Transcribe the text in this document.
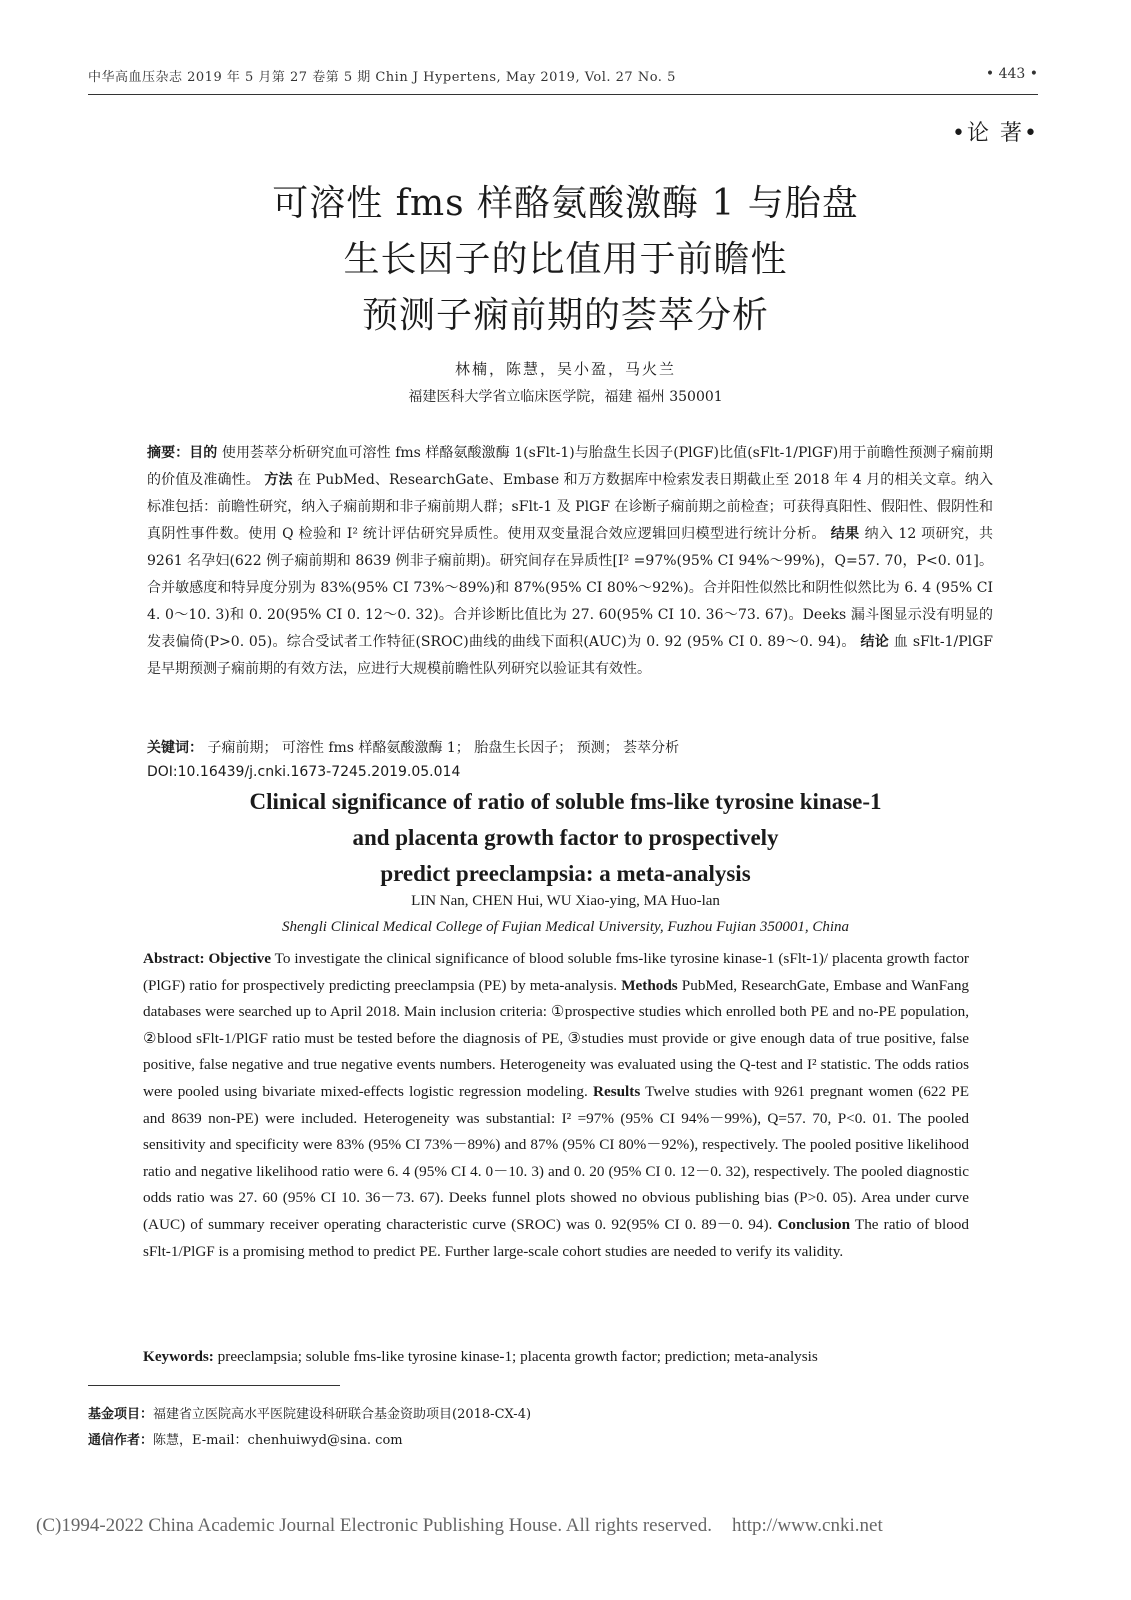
中华高血压杂志 2019 年 5 月第 27 卷第 5 期 Chin J Hypertens, May 2019, Vol. 27 No. 5	• 443 •
•论 著•
可溶性 fms 样酪氨酸激酶 1 与胎盘
生长因子的比值用于前瞻性
预测子痫前期的荟萃分析
林楠，陈慧，吴小盈，马火兰
福建医科大学省立临床医学院，福建 福州 350001
摘要：目的 使用荟萃分析研究血可溶性 fms 样酪氨酸激酶 1(sFlt-1)与胎盘生长因子(PlGF)比值(sFlt-1/PlGF)用于前瞻性预测子痫前期的价值及准确性。 方法 在 PubMed、ResearchGate、Embase 和万方数据库中检索发表日期截止至 2018 年 4 月的相关文章。纳入标准包括：前瞻性研究，纳入子痫前期和非子痫前期人群；sFlt-1 及 PlGF 在诊断子痫前期之前检查；可获得真阳性、假阳性、假阴性和真阴性事件数。使用 Q 检验和 I² 统计评估研究异质性。使用双变量混合效应逻辑回归模型进行统计分析。 结果 纳入 12 项研究，共 9261 名孕妇(622 例子痫前期和 8639 例非子痫前期)。研究间存在异质性[I² =97%(95% CI 94%～99%)，Q=57. 70，P<0. 01]。合并敏感度和特异度分别为 83%(95% CI 73%～89%)和 87%(95% CI 80%～92%)。合并阳性似然比和阴性似然比为 6. 4 (95% CI 4. 0～10. 3)和 0. 20(95% CI 0. 12～0. 32)。合并诊断比值比为 27. 60(95% CI 10. 36～73. 67)。Deeks 漏斗图显示没有明显的发表偏倚(P>0. 05)。综合受试者工作特征(SROC)曲线的曲线下面积(AUC)为 0. 92 (95% CI 0. 89～0. 94)。 结论 血 sFlt-1/PlGF 是早期预测子痫前期的有效方法，应进行大规模前瞻性队列研究以验证其有效性。
关键词： 子痫前期； 可溶性 fms 样酪氨酸激酶 1； 胎盘生长因子； 预测； 荟萃分析
DOI:10.16439/j.cnki.1673-7245.2019.05.014
Clinical significance of ratio of soluble fms-like tyrosine kinase-1
and placenta growth factor to prospectively
predict preeclampsia: a meta-analysis
LIN Nan, CHEN Hui, WU Xiao-ying, MA Huo-lan
Shengli Clinical Medical College of Fujian Medical University, Fuzhou Fujian 350001, China
Abstract: Objective To investigate the clinical significance of blood soluble fms-like tyrosine kinase-1 (sFlt-1)/ placenta growth factor (PlGF) ratio for prospectively predicting preeclampsia (PE) by meta-analysis. Methods PubMed, ResearchGate, Embase and WanFang databases were searched up to April 2018. Main inclusion criteria: ①prospective studies which enrolled both PE and no-PE population, ②blood sFlt-1/PlGF ratio must be tested before the diagnosis of PE, ③studies must provide or give enough data of true positive, false positive, false negative and true negative events numbers. Heterogeneity was evaluated using the Q-test and I² statistic. The odds ratios were pooled using bivariate mixed-effects logistic regression modeling. Results Twelve studies with 9261 pregnant women (622 PE and 8639 non-PE) were included. Heterogeneity was substantial: I² =97% (95% CI 94%－99%), Q=57. 70, P<0. 01. The pooled sensitivity and specificity were 83% (95% CI 73%－89%) and 87% (95% CI 80%－92%), respectively. The pooled positive likelihood ratio and negative likelihood ratio were 6. 4 (95% CI 4. 0－10. 3) and 0. 20 (95% CI 0. 12－0. 32), respectively. The pooled diagnostic odds ratio was 27. 60 (95% CI 10. 36－73. 67). Deeks funnel plots showed no obvious publishing bias (P>0. 05). Area under curve (AUC) of summary receiver operating characteristic curve (SROC) was 0. 92(95% CI 0. 89－0. 94). Conclusion The ratio of blood sFlt-1/PlGF is a promising method to predict PE. Further large-scale cohort studies are needed to verify its validity.
Keywords: preeclampsia; soluble fms-like tyrosine kinase-1; placenta growth factor; prediction; meta-analysis
基金项目：福建省立医院高水平医院建设科研联合基金资助项目(2018-CX-4)
通信作者：陈慧，E-mail：chenhuiwyd@sina. com
(C)1994-2022 China Academic Journal Electronic Publishing House. All rights reserved. http://www.cnki.net
